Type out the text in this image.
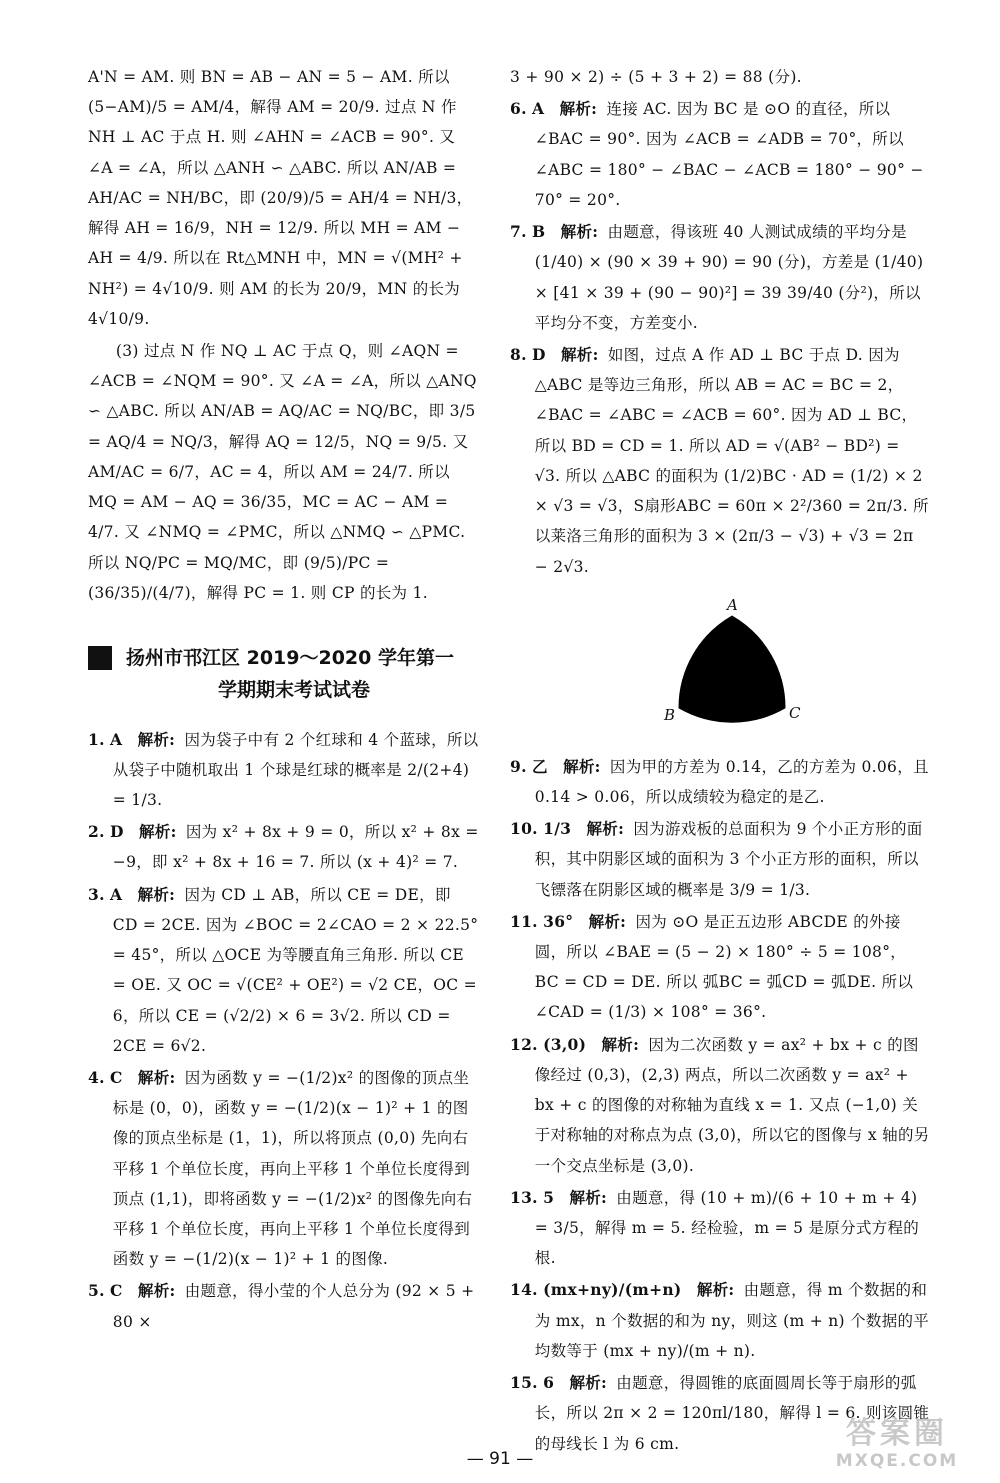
A'N = AM. 则 BN = AB − AN = 5 − AM. 所以 (5−AM)/5 = AM/4，解得 AM = 20/9. 过点 N 作 NH ⊥ AC 于点 H. 则 ∠AHN = ∠ACB = 90°. 又 ∠A = ∠A，所以 △ANH ∽ △ABC. 所以 AN/AB = AH/AC = NH/BC，即 (20/9)/5 = AH/4 = NH/3，解得 AH = 16/9，NH = 12/9. 所以 MH = AM − AH = 4/9. 所以在 Rt△MNH 中，MN = √(MH² + NH²) = 4√10/9. 则 AM 的长为 20/9，MN 的长为 4√10/9.

(3) 过点 N 作 NQ ⊥ AC 于点 Q，则 ∠AQN = ∠ACB = ∠NQM = 90°. 又 ∠A = ∠A，所以 △ANQ ∽ △ABC. 所以 AN/AB = AQ/AC = NQ/BC，即 3/5 = AQ/4 = NQ/3，解得 AQ = 12/5，NQ = 9/5. 又 AM/AC = 6/7，AC = 4，所以 AM = 24/7. 所以 MQ = AM − AQ = 36/35，MC = AC − AM = 4/7. 又 ∠NMQ = ∠PMC，所以 △NMQ ∽ △PMC. 所以 NQ/PC = MQ/MC，即 (9/5)/PC = (36/35)/(4/7)，解得 PC = 1. 则 CP 的长为 1.

扬州市邗江区 2019～2020 学年第一
学期期末考试试卷

1. A 解析: 因为袋子中有 2 个红球和 4 个蓝球，所以从袋子中随机取出 1 个球是红球的概率是 2/(2+4) = 1/3.

2. D 解析: 因为 x² + 8x + 9 = 0，所以 x² + 8x = −9，即 x² + 8x + 16 = 7. 所以 (x + 4)² = 7.

3. A 解析: 因为 CD ⊥ AB，所以 CE = DE，即 CD = 2CE. 因为 ∠BOC = 2∠CAO = 2 × 22.5° = 45°，所以 △OCE 为等腰直角三角形. 所以 CE = OE. 又 OC = √(CE² + OE²) = √2 CE，OC = 6，所以 CE = (√2/2) × 6 = 3√2. 所以 CD = 2CE = 6√2.

4. C 解析: 因为函数 y = −(1/2)x² 的图像的顶点坐标是 (0，0)，函数 y = −(1/2)(x − 1)² + 1 的图像的顶点坐标是 (1，1)，所以将顶点 (0,0) 先向右平移 1 个单位长度，再向上平移 1 个单位长度得到顶点 (1,1)，即将函数 y = −(1/2)x² 的图像先向右平移 1 个单位长度，再向上平移 1 个单位长度得到函数 y = −(1/2)(x − 1)² + 1 的图像.

5. C 解析: 由题意，得小莹的个人总分为 (92 × 5 + 80 ×

3 + 90 × 2) ÷ (5 + 3 + 2) = 88 (分).

6. A 解析: 连接 AC. 因为 BC 是 ⊙O 的直径，所以 ∠BAC = 90°. 因为 ∠ACB = ∠ADB = 70°，所以 ∠ABC = 180° − ∠BAC − ∠ACB = 180° − 90° − 70° = 20°.

7. B 解析: 由题意，得该班 40 人测试成绩的平均分是 (1/40) × (90 × 39 + 90) = 90 (分)，方差是 (1/40) × [41 × 39 + (90 − 90)²] = 39 39/40 (分²)，所以平均分不变，方差变小.

8. D 解析: 如图，过点 A 作 AD ⊥ BC 于点 D. 因为 △ABC 是等边三角形，所以 AB = AC = BC = 2，∠BAC = ∠ABC = ∠ACB = 60°. 因为 AD ⊥ BC，所以 BD = CD = 1. 所以 AD = √(AB² − BD²) = √3. 所以 △ABC 的面积为 (1/2)BC · AD = (1/2) × 2 × √3 = √3，S扇形ABC = 60π × 2²/360 = 2π/3. 所以莱洛三角形的面积为 3 × (2π/3 − √3) + √3 = 2π − 2√3.

A
B	C

9. 乙 解析: 因为甲的方差为 0.14，乙的方差为 0.06，且 0.14 > 0.06，所以成绩较为稳定的是乙.

10. 1/3 解析: 因为游戏板的总面积为 9 个小正方形的面积，其中阴影区域的面积为 3 个小正方形的面积，所以飞镖落在阴影区域的概率是 3/9 = 1/3.

11. 36° 解析: 因为 ⊙O 是正五边形 ABCDE 的外接圆，所以 ∠BAE = (5 − 2) × 180° ÷ 5 = 108°，BC = CD = DE. 所以 弧BC = 弧CD = 弧DE. 所以 ∠CAD = (1/3) × 108° = 36°.

12. (3,0) 解析: 因为二次函数 y = ax² + bx + c 的图像经过 (0,3)，(2,3) 两点，所以二次函数 y = ax² + bx + c 的图像的对称轴为直线 x = 1. 又点 (−1,0) 关于对称轴的对称点为点 (3,0)，所以它的图像与 x 轴的另一个交点坐标是 (3,0).

13. 5 解析: 由题意，得 (10 + m)/(6 + 10 + m + 4) = 3/5，解得 m = 5. 经检验，m = 5 是原分式方程的根.

14. (mx+ny)/(m+n) 解析: 由题意，得 m 个数据的和为 mx，n 个数据的和为 ny，则这 (m + n) 个数据的平均数等于 (mx + ny)/(m + n).

15. 6 解析: 由题意，得圆锥的底面圆周长等于扇形的弧长，所以 2π × 2 = 120πl/180，解得 l = 6. 则该圆锥的母线长 l 为 6 cm.

— 91 —
答案圈
MXQE.COM
